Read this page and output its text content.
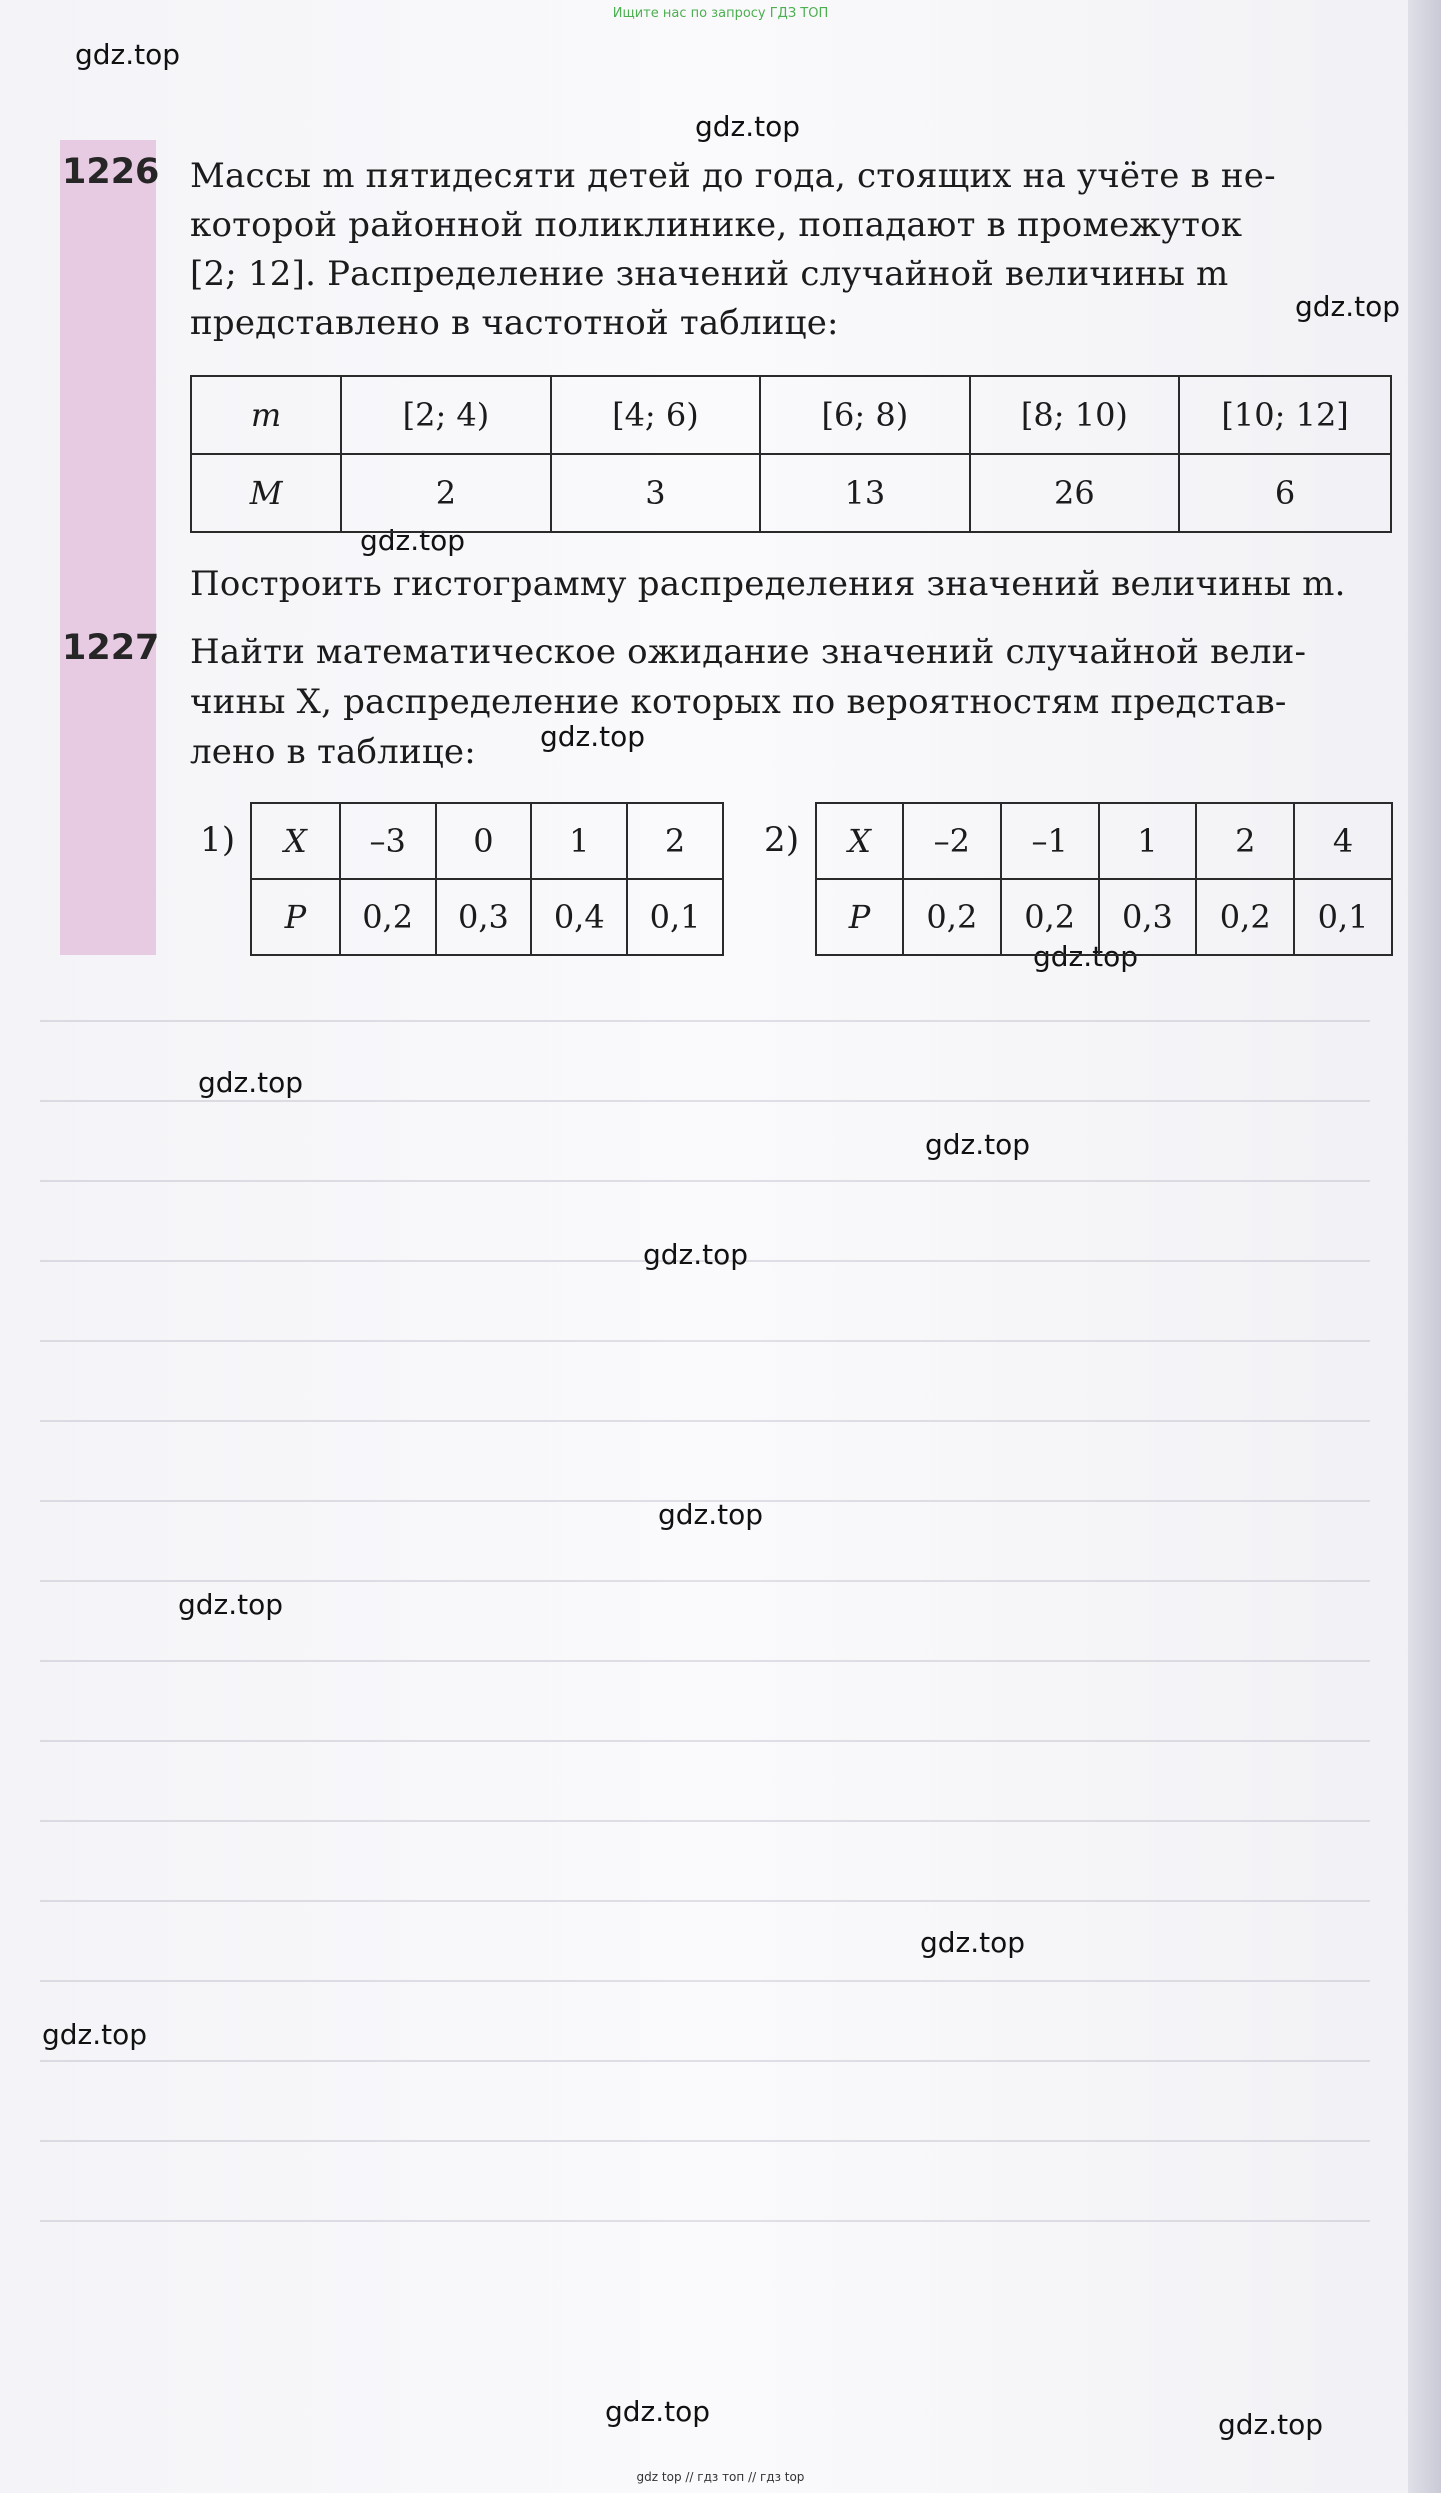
Ищите нас по запросу ГДЗ ТОП
gdz.top
gdz.top
gdz.top
gdz.top
gdz.top
gdz.top
gdz.top
gdz.top
gdz.top
gdz.top
gdz.top
gdz.top
gdz.top
gdz.top	gdz.top
1226 Массы m пятидесяти детей до года, стоящих на учёте в не-
которой районной поликлинике, попадают в промежуток
[2; 12]. Распределение значений случайной величины m
представлено в частотной таблице:
m	[2; 4)	[4; 6)	[6; 8)	[8; 10)	[10; 12]
M	2	3	13	26	6
Построить гистограмму распределения значений величины m.
1227 Найти математическое ожидание значений случайной вели-
чины X, распределение которых по вероятностям представ-
лено в таблице:
1) X	–3	0	1	2
P	0,2	0,3	0,4	0,1
2) X	–2	–1	1	2	4
P	0,2	0,2	0,3	0,2	0,1
gdz top // гдз топ // гдз top
